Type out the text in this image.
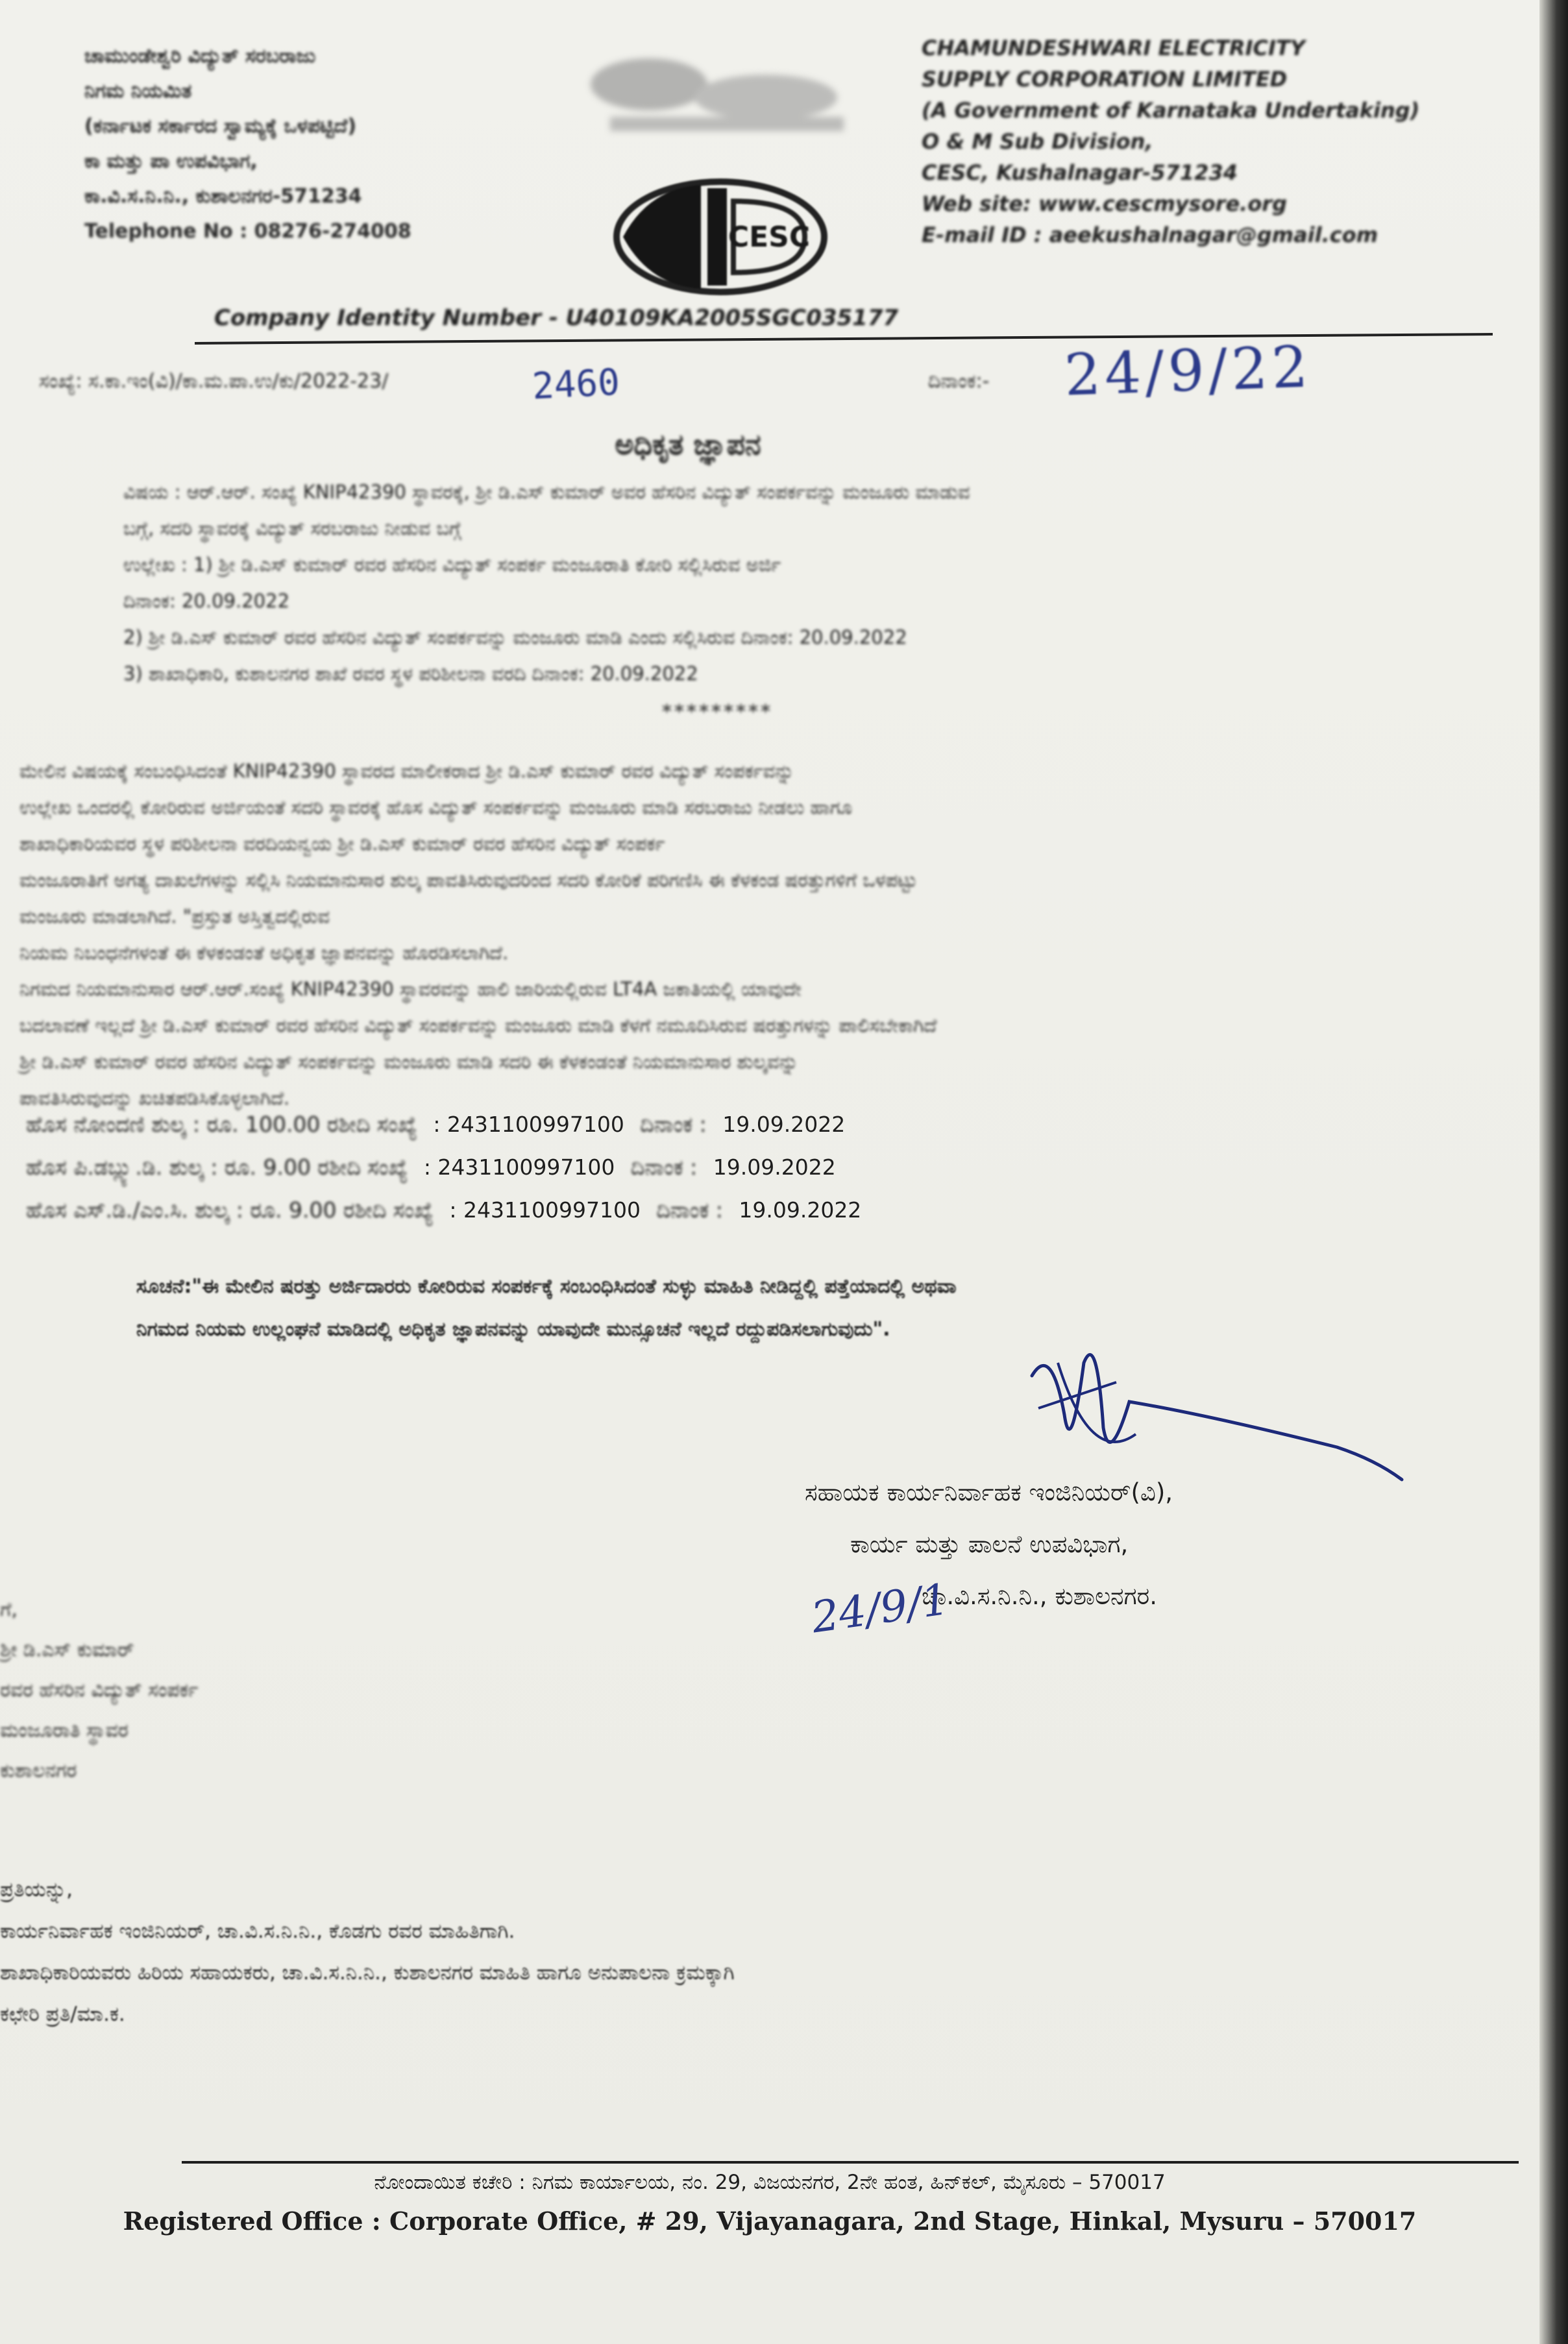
ಚಾಮುಂಡೇಶ್ವರಿ ವಿದ್ಯುತ್ ಸರಬರಾಜು
ನಿಗಮ ನಿಯಮಿತ
(ಕರ್ನಾಟಕ ಸರ್ಕಾರದ ಸ್ವಾಮ್ಯಕ್ಕೆ ಒಳಪಟ್ಟಿದೆ)
ಕಾ ಮತ್ತು ಪಾ ಉಪವಿಭಾಗ,
ಕಾ.ವಿ.ಸ.ನಿ.ನಿ., ಕುಶಾಲನಗರ-571234
Telephone No : 08276-274008	CESC
CHAMUNDESHWARI ELECTRICITY
SUPPLY CORPORATION LIMITED
(A Government of Karnataka Undertaking)
O & M Sub Division,
CESC, Kushalnagar-571234
Web site: www.cescmysore.org
E-mail ID : aeekushalnagar@gmail.com
Company Identity Number - U40109KA2005SGC035177
ಸಂಖ್ಯೆ: ಸ.ಕಾ.ಇಂ(ವಿ)/ಕಾ.ಮ.ಪಾ.ಉ/ಕು/2022-23/	2460	ದಿನಾಂಕ:- 24/9/22
ಅಧಿಕೃತ ಜ್ಞಾಪನ
ವಿಷಯ : ಆರ್.ಆರ್. ಸಂಖ್ಯೆ KNIP42390 ಸ್ಥಾವರಕ್ಕೆ, ಶ್ರೀ ಡಿ.ಎಸ್ ಕುಮಾರ್ ಅವರ ಹೆಸರಿನ ವಿದ್ಯುತ್ ಸಂಪರ್ಕವನ್ನು ಮಂಜೂರು ಮಾಡುವ
ಬಗ್ಗೆ, ಸದರಿ ಸ್ಥಾವರಕ್ಕೆ ವಿದ್ಯುತ್ ಸರಬರಾಜು ನೀಡುವ ಬಗ್ಗೆ
ಉಲ್ಲೇಖ : 1) ಶ್ರೀ ಡಿ.ಎಸ್ ಕುಮಾರ್ ರವರ ಹೆಸರಿನ ವಿದ್ಯುತ್ ಸಂಪರ್ಕ ಮಂಜೂರಾತಿ ಕೋರಿ ಸಲ್ಲಿಸಿರುವ ಅರ್ಜಿ
ದಿನಾಂಕ: 20.09.2022
2) ಶ್ರೀ ಡಿ.ಎಸ್ ಕುಮಾರ್ ರವರ ಹೆಸರಿನ ವಿದ್ಯುತ್ ಸಂಪರ್ಕವನ್ನು ಮಂಜೂರು ಮಾಡಿ ಎಂದು ಸಲ್ಲಿಸಿರುವ ದಿನಾಂಕ: 20.09.2022
3) ಶಾಖಾಧಿಕಾರಿ, ಕುಶಾಲನಗರ ಶಾಖೆ ರವರ ಸ್ಥಳ ಪರಿಶೀಲನಾ ವರದಿ ದಿನಾಂಕ: 20.09.2022
*********
ಮೇಲಿನ ವಿಷಯಕ್ಕೆ ಸಂಬಂಧಿಸಿದಂತೆ KNIP42390 ಸ್ಥಾವರದ ಮಾಲೀಕರಾದ ಶ್ರೀ ಡಿ.ಎಸ್ ಕುಮಾರ್ ರವರ ವಿದ್ಯುತ್ ಸಂಪರ್ಕವನ್ನು
ಉಲ್ಲೇಖ ಒಂದರಲ್ಲಿ ಕೋರಿರುವ ಅರ್ಜಿಯಂತೆ ಸದರಿ ಸ್ಥಾವರಕ್ಕೆ ಹೊಸ ವಿದ್ಯುತ್ ಸಂಪರ್ಕವನ್ನು ಮಂಜೂರು ಮಾಡಿ ಸರಬರಾಜು ನೀಡಲು ಹಾಗೂ
ಶಾಖಾಧಿಕಾರಿಯವರ ಸ್ಥಳ ಪರಿಶೀಲನಾ ವರದಿಯನ್ವಯ ಶ್ರೀ ಡಿ.ಎಸ್ ಕುಮಾರ್ ರವರ ಹೆಸರಿನ ವಿದ್ಯುತ್ ಸಂಪರ್ಕ
ಮಂಜೂರಾತಿಗೆ ಅಗತ್ಯ ದಾಖಲೆಗಳನ್ನು ಸಲ್ಲಿಸಿ ನಿಯಮಾನುಸಾರ ಶುಲ್ಕ ಪಾವತಿಸಿರುವುದರಿಂದ ಸದರಿ ಕೋರಿಕೆ ಪರಿಗಣಿಸಿ ಈ ಕೆಳಕಂಡ ಷರತ್ತುಗಳಿಗೆ ಒಳಪಟ್ಟು
ಮಂಜೂರು ಮಾಡಲಾಗಿದೆ. "ಪ್ರಸ್ತುತ ಅಸ್ತಿತ್ವದಲ್ಲಿರುವ
ನಿಯಮ ನಿಬಂಧನೆಗಳಂತೆ ಈ ಕೆಳಕಂಡಂತೆ ಅಧಿಕೃತ ಜ್ಞಾಪನವನ್ನು ಹೊರಡಿಸಲಾಗಿದೆ.
ನಿಗಮದ ನಿಯಮಾನುಸಾರ ಆರ್.ಆರ್.ಸಂಖ್ಯೆ KNIP42390 ಸ್ಥಾವರವನ್ನು ಹಾಲಿ ಜಾರಿಯಲ್ಲಿರುವ LT4A ಜಕಾತಿಯಲ್ಲಿ ಯಾವುದೇ
ಬದಲಾವಣೆ ಇಲ್ಲದೆ ಶ್ರೀ ಡಿ.ಎಸ್ ಕುಮಾರ್ ರವರ ಹೆಸರಿನ ವಿದ್ಯುತ್ ಸಂಪರ್ಕವನ್ನು ಮಂಜೂರು ಮಾಡಿ ಕೆಳಗೆ ನಮೂದಿಸಿರುವ ಷರತ್ತುಗಳನ್ನು ಪಾಲಿಸಬೇಕಾಗಿದೆ
ಶ್ರೀ ಡಿ.ಎಸ್ ಕುಮಾರ್ ರವರ ಹೆಸರಿನ ವಿದ್ಯುತ್ ಸಂಪರ್ಕವನ್ನು ಮಂಜೂರು ಮಾಡಿ ಸದರಿ ಈ ಕೆಳಕಂಡಂತೆ ನಿಯಮಾನುಸಾರ ಶುಲ್ಕವನ್ನು
ಪಾವತಿಸಿರುವುದನ್ನು ಖಚಿತಪಡಿಸಿಕೊಳ್ಳಲಾಗಿದೆ.
ಹೊಸ ನೋಂದಣಿ ಶುಲ್ಕ : ರೂ. 100.00 ರಶೀದಿ ಸಂಖ್ಯೆ : 2431100997100 ದಿನಾಂಕ : 19.09.2022
ಹೊಸ ಪಿ.ಡಬ್ಲ್ಯು.ಡಿ. ಶುಲ್ಕ : ರೂ. 9.00 ರಶೀದಿ ಸಂಖ್ಯೆ : 2431100997100 ದಿನಾಂಕ : 19.09.2022
ಹೊಸ ಎಸ್.ಡಿ./ಎಂ.ಸಿ. ಶುಲ್ಕ : ರೂ. 9.00 ರಶೀದಿ ಸಂಖ್ಯೆ : 2431100997100 ದಿನಾಂಕ : 19.09.2022
ಸೂಚನೆ:"ಈ ಮೇಲಿನ ಷರತ್ತು ಅರ್ಜಿದಾರರು ಕೋರಿರುವ ಸಂಪರ್ಕಕ್ಕೆ ಸಂಬಂಧಿಸಿದಂತೆ ಸುಳ್ಳು ಮಾಹಿತಿ ನೀಡಿದ್ದಲ್ಲಿ ಪತ್ತೆಯಾದಲ್ಲಿ ಅಥವಾ
ನಿಗಮದ ನಿಯಮ ಉಲ್ಲಂಘನೆ ಮಾಡಿದಲ್ಲಿ ಅಧಿಕೃತ ಜ್ಞಾಪನವನ್ನು ಯಾವುದೇ ಮುನ್ಸೂಚನೆ ಇಲ್ಲದೆ ರದ್ದುಪಡಿಸಲಾಗುವುದು".
ಸಹಾಯಕ ಕಾರ್ಯನಿರ್ವಾಹಕ ಇಂಜಿನಿಯರ್(ವಿ),
ಕಾರ್ಯ ಮತ್ತು ಪಾಲನೆ ಉಪವಿಭಾಗ,
ಚಾ.ವಿ.ಸ.ನಿ.ನಿ., ಕುಶಾಲನಗರ.
24/9/1
ಗೆ,
ಶ್ರೀ ಡಿ.ಎಸ್ ಕುಮಾರ್
ರವರ ಹೆಸರಿನ ವಿದ್ಯುತ್ ಸಂಪರ್ಕ
ಮಂಜೂರಾತಿ ಸ್ಥಾವರ
ಕುಶಾಲನಗರ
ಪ್ರತಿಯನ್ನು,
ಕಾರ್ಯನಿರ್ವಾಹಕ ಇಂಜಿನಿಯರ್, ಚಾ.ವಿ.ಸ.ನಿ.ನಿ., ಕೊಡಗು ರವರ ಮಾಹಿತಿಗಾಗಿ.
ಶಾಖಾಧಿಕಾರಿಯವರು ಹಿರಿಯ ಸಹಾಯಕರು, ಚಾ.ವಿ.ಸ.ನಿ.ನಿ., ಕುಶಾಲನಗರ ಮಾಹಿತಿ ಹಾಗೂ ಅನುಪಾಲನಾ ಕ್ರಮಕ್ಕಾಗಿ
ಕಛೇರಿ ಪ್ರತಿ/ಮಾ.ಕ.
ನೋಂದಾಯಿತ ಕಚೇರಿ : ನಿಗಮ ಕಾರ್ಯಾಲಯ, ನಂ. 29, ವಿಜಯನಗರ, 2ನೇ ಹಂತ, ಹಿನ್‌ಕಲ್, ಮೈಸೂರು – 570017
Registered Office : Corporate Office, # 29, Vijayanagara, 2nd Stage, Hinkal, Mysuru – 570017
